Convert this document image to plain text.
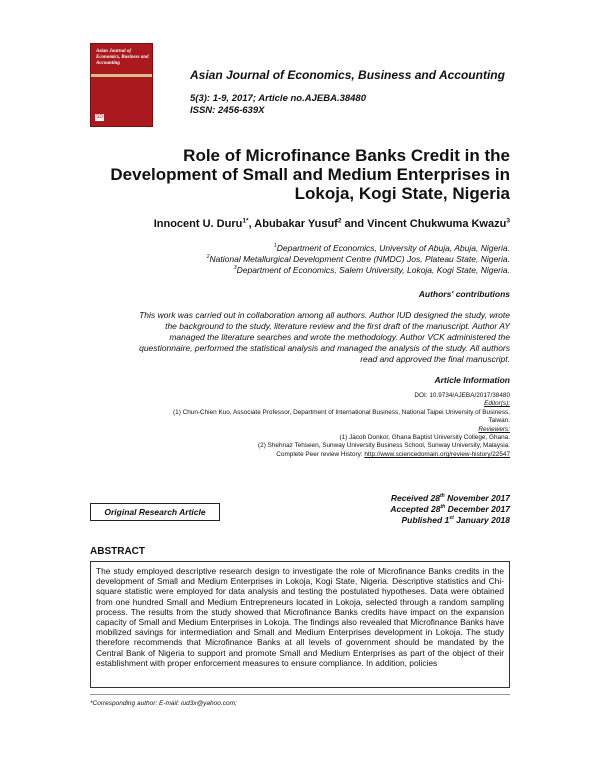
Asian Journal of Economics, Business and Accounting
SD
Asian Journal of Economics, Business and Accounting
5(3): 1-9, 2017; Article no.AJEBA.38480
ISSN: 2456-639X
Role of Microfinance Banks Credit in the
Development of Small and Medium Enterprises in
Lokoja, Kogi State, Nigeria
Innocent U. Duru$^{1*}$, Abubakar Yusuf$^2$ and Vincent Chukwuma Kwazu$^3$
$^1$Department of Economics, University of Abuja, Abuja, Nigeria.
$^2$National Metallurgical Development Centre (NMDC) Jos, Plateau State, Nigeria.
$^3$Department of Economics, Salem University, Lokoja, Kogi State, Nigeria.
Authors' contributions
This work was carried out in collaboration among all authors. Author IUD designed the study, wrote
the background to the study, literature review and the first draft of the manuscript. Author AY
managed the literature searches and wrote the methodology. Author VCK administered the
questionnaire, performed the statistical analysis and managed the analysis of the study. All authors
read and approved the final manuscript.
Article Information
DOI: 10.9734/AJEBA/2017/38480
Editor(s):
(1) Chun-Chien Kuo, Associate Professor, Department of International Business, National Taipei University of Business,
Taiwan.
Reviewers:
(1) Jacob Donkor, Ghana Baptist University College, Ghana.
(2) Shehnaz Tehseen, Sunway University Business School, Sunway University, Malaysia.
Complete Peer review History: http://www.sciencedomain.org/review-history/22547
Original Research Article
Received 28th November 2017
Accepted 28th December 2017
Published 1st January 2018
ABSTRACT
The study employed descriptive research design to investigate the role of Microfinance Banks credits in the development of Small and Medium Enterprises in Lokoja, Kogi State, Nigeria. Descriptive statistics and Chi-square statistic were employed for data analysis and testing the postulated hypotheses. Data were obtained from one hundred Small and Medium Entrepreneurs located in Lokoja, selected through a random sampling process. The results from the study showed that Microfinance Banks credits have impact on the expansion capacity of Small and Medium Enterprises in Lokoja. The findings also revealed that Microfinance Banks have mobilized savings for intermediation and Small and Medium Enterprises development in Lokoja. The study therefore recommends that Microfinance Banks at all levels of government should be mandated by the Central Bank of Nigeria to support and promote Small and Medium Enterprises as part of the object of their establishment with proper enforcement measures to ensure compliance. In addition, policies
*Corresponding author: E-mail: iud3x@yahoo.com;
